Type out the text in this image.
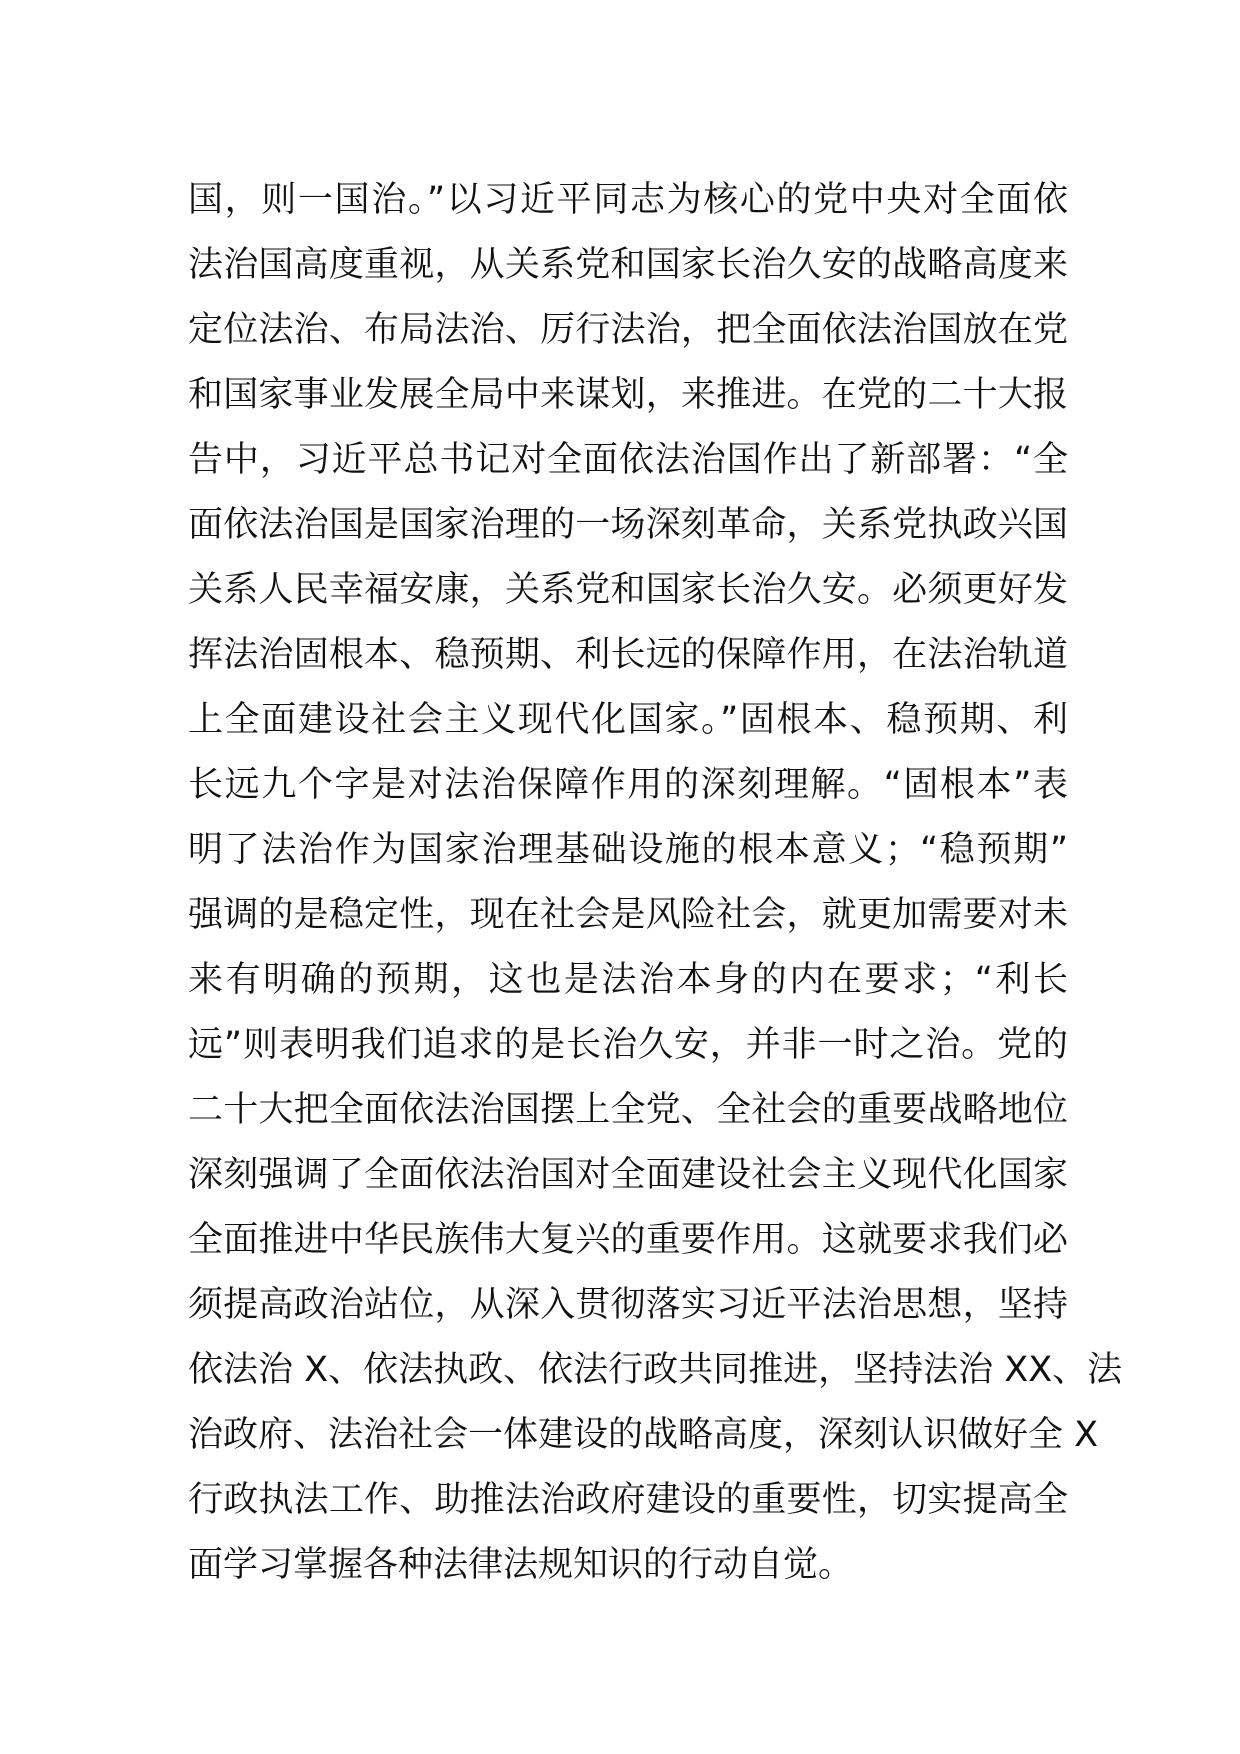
国，则一国治。”以习近平同志为核心的党中央对全面依
法治国高度重视，从关系党和国家长治久安的战略高度来
定位法治、布局法治、厉行法治，把全面依法治国放在党
和国家事业发展全局中来谋划，来推进。在党的二十大报
告中，习近平总书记对全面依法治国作出了新部署：“全
面依法治国是国家治理的一场深刻革命，关系党执政兴国
关系人民幸福安康，关系党和国家长治久安。必须更好发
挥法治固根本、稳预期、利长远的保障作用，在法治轨道
上全面建设社会主义现代化国家。”固根本、稳预期、利
长远九个字是对法治保障作用的深刻理解。“固根本”表
明了法治作为国家治理基础设施的根本意义；“稳预期”
强调的是稳定性，现在社会是风险社会，就更加需要对未
来有明确的预期，这也是法治本身的内在要求；“利长
远”则表明我们追求的是长治久安，并非一时之治。党的
二十大把全面依法治国摆上全党、全社会的重要战略地位
深刻强调了全面依法治国对全面建设社会主义现代化国家
全面推进中华民族伟大复兴的重要作用。这就要求我们必
须提高政治站位，从深入贯彻落实习近平法治思想，坚持
依法治 X、依法执政、依法行政共同推进，坚持法治 XX、法
治政府、法治社会一体建设的战略高度，深刻认识做好全 X
行政执法工作、助推法治政府建设的重要性，切实提高全
面学习掌握各种法律法规知识的行动自觉。
